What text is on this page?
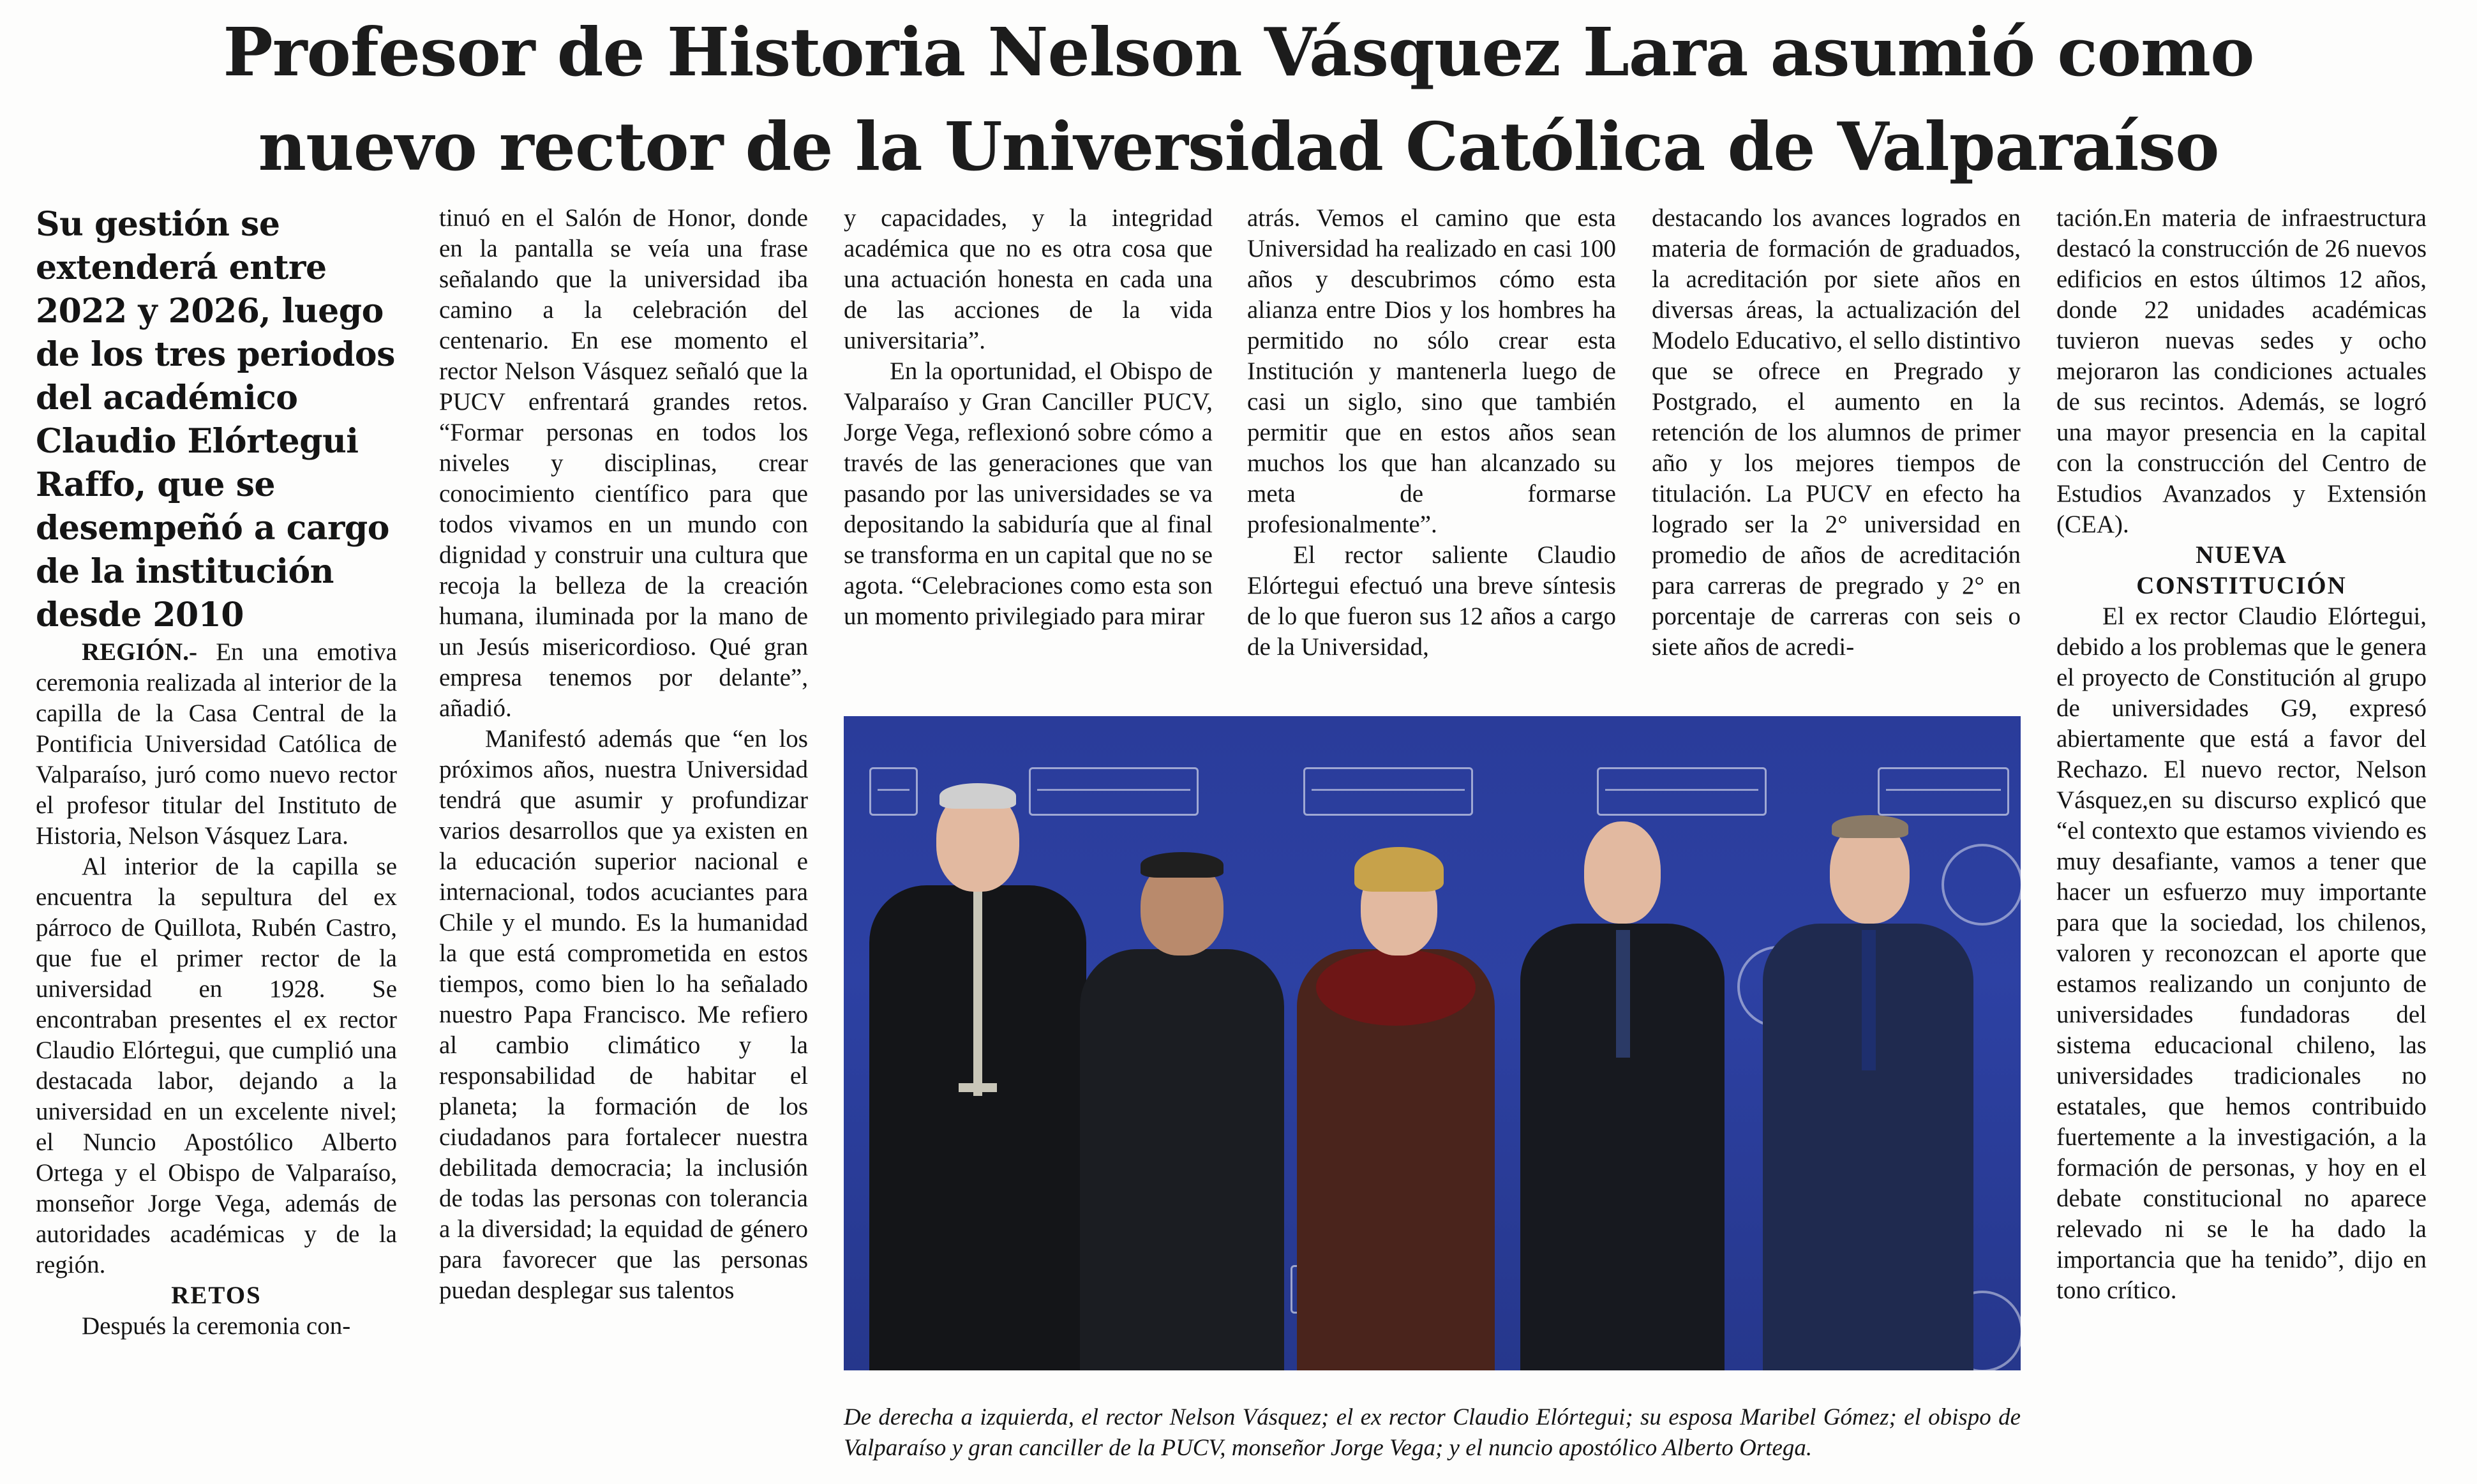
Profesor de Historia Nelson Vásquez Lara asumió como
nuevo rector de la Universidad Católica de Valparaíso

Su gestión se extenderá entre 2022 y 2026, luego de los tres periodos del académico Claudio Elórtegui Raffo, que se desempeñó a cargo de la institución desde 2010

REGIÓN.- En una emotiva ceremonia realizada al interior de la capilla de la Casa Central de la Pontificia Universidad Católica de Valparaíso, juró como nuevo rector el profesor titular del Instituto de Historia, Nelson Vásquez Lara.

Al interior de la capilla se encuentra la sepultura del ex párroco de Quillota, Rubén Castro, que fue el primer rector de la universidad en 1928. Se encontraban presentes el ex rector Claudio Elórtegui, que cumplió una destacada labor, dejando a la universidad en un excelente nivel; el Nuncio Apostólico Alberto Ortega y el Obispo de Valparaíso, monseñor Jorge Vega, además de autoridades académicas y de la región.

RETOS

Después la ceremonia con-

tinuó en el Salón de Honor, donde en la pantalla se veía una frase señalando que la universidad iba camino a la celebración del centenario. En ese momento el rector Nelson Vásquez señaló que la PUCV enfrentará grandes retos. “Formar personas en todos los niveles y disciplinas, crear conocimiento científico para que todos vivamos en un mundo con dignidad y construir una cultura que recoja la belleza de la creación humana, iluminada por la mano de un Jesús misericordioso. Qué gran empresa tenemos por delante”, añadió.

Manifestó además que “en los próximos años, nuestra Universidad tendrá que asumir y profundizar varios desarrollos que ya existen en la educación superior nacional e internacional, todos acuciantes para Chile y el mundo. Es la humanidad la que está comprometida en estos tiempos, como bien lo ha señalado nuestro Papa Francisco. Me refiero al cambio climático y la responsabilidad de habitar el planeta; la formación de los ciudadanos para fortalecer nuestra debilitada democracia; la inclusión de todas las personas con tolerancia a la diversidad; la equidad de género para favorecer que las personas puedan desplegar sus talentos

y capacidades, y la integridad académica que no es otra cosa que una actuación honesta en cada una de las acciones de la vida universitaria”.

En la oportunidad, el Obispo de Valparaíso y Gran Canciller PUCV, Jorge Vega, reflexionó sobre cómo a través de las generaciones que van pasando por las universidades se va depositando la sabiduría que al final se transforma en un capital que no se agota. “Celebraciones como esta son un momento privilegiado para mirar

atrás. Vemos el camino que esta Universidad ha realizado en casi 100 años y descubrimos cómo esta alianza entre Dios y los hombres ha permitido no sólo crear esta Institución y mantenerla luego de casi un siglo, sino que también permitir que en estos años sean muchos los que han alcanzado su meta de formarse profesionalmente”.

El rector saliente Claudio Elórtegui efectuó una breve síntesis de lo que fueron sus 12 años a cargo de la Universidad,

destacando los avances logrados en materia de formación de graduados, la acreditación por siete años en diversas áreas, la actualización del Modelo Educativo, el sello distintivo que se ofrece en Pregrado y Postgrado, el aumento en la retención de los alumnos de primer año y los mejores tiempos de titulación. La PUCV en efecto ha logrado ser la 2° universidad en promedio de años de acreditación para carreras de pregrado y 2° en porcentaje de carreras con seis o siete años de acredi-

tación.En materia de infraestructura destacó la construcción de 26 nuevos edificios en estos últimos 12 años, donde 22 unidades académicas tuvieron nuevas sedes y ocho mejoraron las condiciones actuales de sus recintos. Además, se logró una mayor presencia en la capital con la construcción del Centro de Estudios Avanzados y Extensión (CEA).

NUEVA CONSTITUCIÓN

El ex rector Claudio Elórtegui, debido a los problemas que le genera el proyecto de Constitución al grupo de universidades G9, expresó abiertamente que está a favor del Rechazo. El nuevo rector, Nelson Vásquez,en su discurso explicó que “el contexto que estamos viviendo es muy desafiante, vamos a tener que hacer un esfuerzo muy importante para que la sociedad, los chilenos, valoren y reconozcan el aporte que estamos realizando un conjunto de universidades fundadoras del sistema educacional chileno, las universidades tradicionales no estatales, que hemos contribuido fuertemente a la investigación, a la formación de personas, y hoy en el debate constitucional no aparece relevado ni se le ha dado la importancia que ha tenido”, dijo en tono crítico.

De derecha a izquierda, el rector Nelson Vásquez; el ex rector Claudio Elórtegui; su esposa Maribel Gómez; el obispo de Valparaíso y gran canciller de la PUCV, monseñor Jorge Vega; y el nuncio apostólico Alberto Ortega.
